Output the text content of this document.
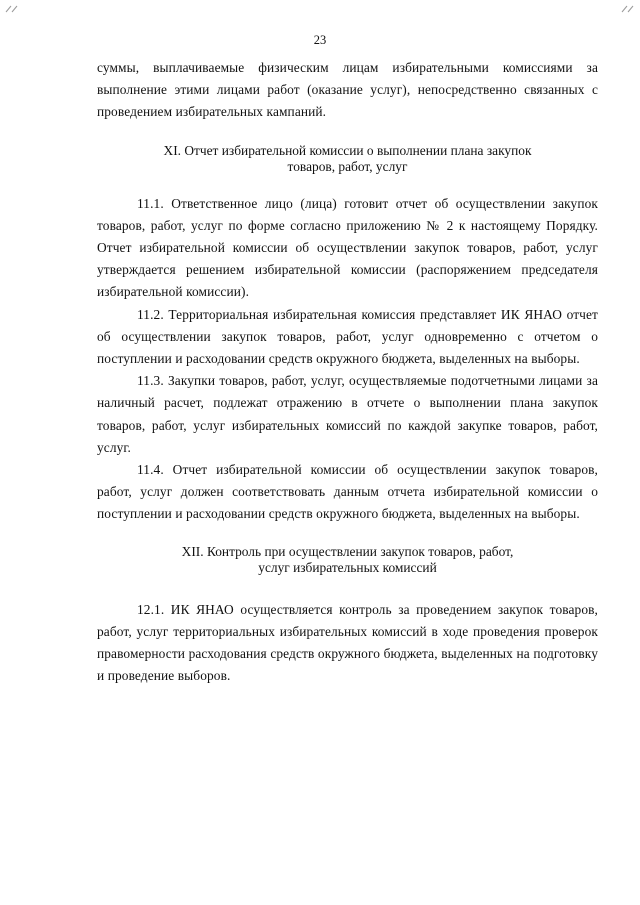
23

суммы, выплачиваемые физическим лицам избирательными комиссиями за выполнение этими лицами работ (оказание услуг), непосредственно связанных с проведением избирательных кампаний.

XI. Отчет избирательной комиссии о выполнении плана закупок
товаров, работ, услуг

11.1. Ответственное лицо (лица) готовит отчет об осуществлении закупок товаров, работ, услуг по форме согласно приложению № 2 к настоящему Порядку. Отчет избирательной комиссии об осуществлении закупок товаров, работ, услуг утверждается решением избирательной комиссии (распоряжением председателя избирательной комиссии).

11.2. Территориальная избирательная комиссия представляет ИК ЯНАО отчет об осуществлении закупок товаров, работ, услуг одновременно с отчетом о поступлении и расходовании средств окружного бюджета, выделенных на выборы.

11.3. Закупки товаров, работ, услуг, осуществляемые подотчетными лицами за наличный расчет, подлежат отражению в отчете о выполнении плана закупок товаров, работ, услуг избирательных комиссий по каждой закупке товаров, работ, услуг.

11.4. Отчет избирательной комиссии об осуществлении закупок товаров, работ, услуг должен соответствовать данным отчета избирательной комиссии о поступлении и расходовании средств окружного бюджета, выделенных на выборы.

XII. Контроль при осуществлении закупок товаров, работ,
услуг избирательных комиссий

12.1. ИК ЯНАО осуществляется контроль за проведением закупок товаров, работ, услуг территориальных избирательных комиссий в ходе проведения проверок правомерности расходования средств окружного бюджета, выделенных на подготовку и проведение выборов.
